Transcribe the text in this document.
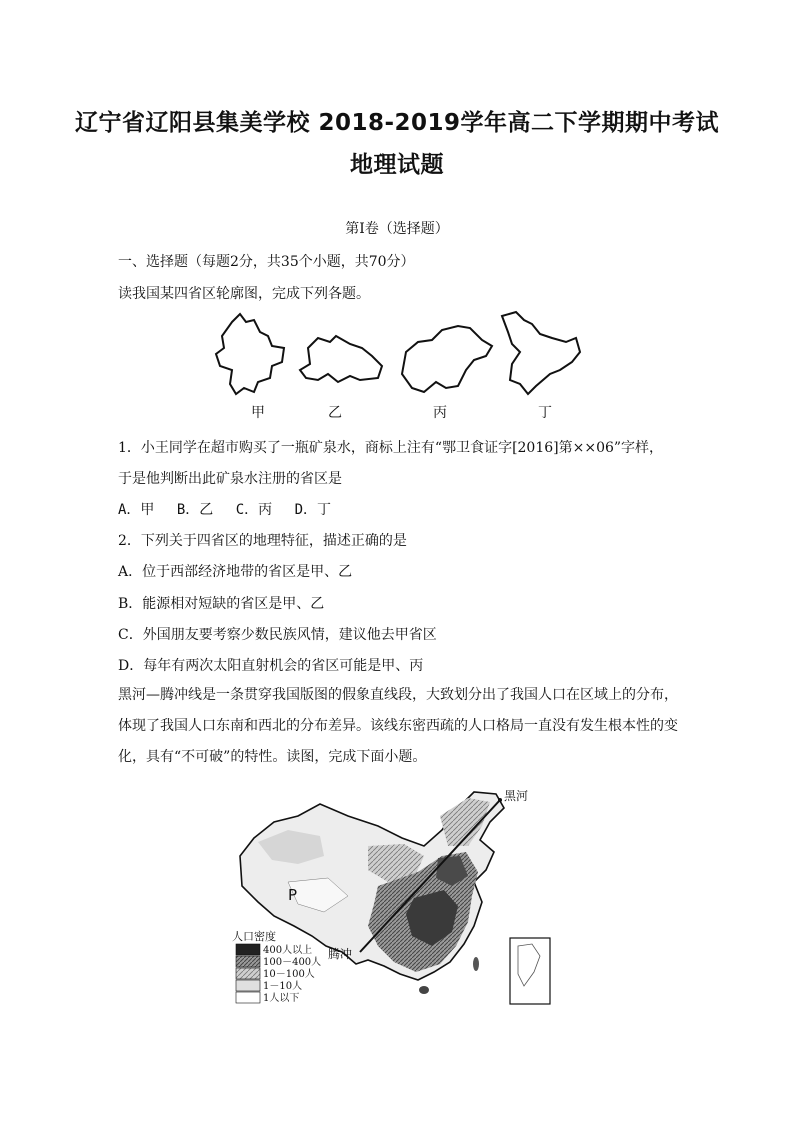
辽宁省辽阳县集美学校 2018-2019学年高二下学期期中考试
地理试题
第Ⅰ卷（选择题）
一、选择题（每题2分，共35个小题，共70分）
读我国某四省区轮廓图，完成下列各题。
甲	乙	丙	丁
1．小王同学在超市购买了一瓶矿泉水，商标上注有“鄂卫食证字[2016]第××06”字样，
于是他判断出此矿泉水注册的省区是
A．甲　 B．乙　 C．丙　 D．丁
2．下列关于四省区的地理特征，描述正确的是
A．位于西部经济地带的省区是甲、乙
B．能源相对短缺的省区是甲、乙
C．外国朋友要考察少数民族风情，建议他去甲省区
D．每年有两次太阳直射机会的省区可能是甲、丙
黑河—腾冲线是一条贯穿我国版图的假象直线段，大致划分出了我国人口在区域上的分布，体现了我国人口东南和西北的分布差异。该线东密西疏的人口格局一直没有发生根本性的变化，具有“不可破”的特性。读图，完成下面小题。
黑河
腾冲
P
人口密度
400人以上
100－400人
10－100人
1－10人
1人以下
